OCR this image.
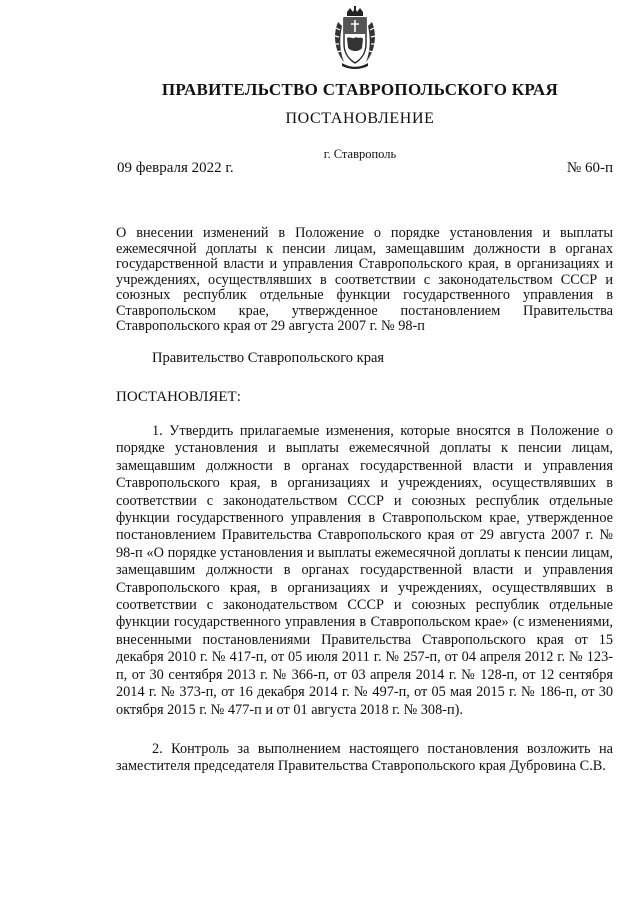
ПРАВИТЕЛЬСТВО СТАВРОПОЛЬСКОГО КРАЯ
ПОСТАНОВЛЕНИЕ
г. Ставрополь
09 февраля 2022 г.	№ 60-п
О внесении изменений в Положение о порядке установления и выплаты ежемесячной доплаты к пенсии лицам, замещавшим должности в органах государственной власти и управления Ставропольского края, в организациях и учреждениях, осуществлявших в соответствии с законодательством СССР и союзных республик отдельные функции государственного управления в Ставропольском крае, утвержденное постановлением Правительства Ставропольского края от 29 августа 2007 г. № 98-п
Правительство Ставропольского края
ПОСТАНОВЛЯЕТ:
1. Утвердить прилагаемые изменения, которые вносятся в Положение о порядке установления и выплаты ежемесячной доплаты к пенсии лицам, замещавшим должности в органах государственной власти и управления Ставропольского края, в организациях и учреждениях, осуществлявших в соответствии с законодательством СССР и союзных республик отдельные функции государственного управления в Ставропольском крае, утвержденное постановлением Правительства Ставропольского края от 29 августа 2007 г. № 98-п «О порядке установления и выплаты ежемесячной доплаты к пенсии лицам, замещавшим должности в органах государственной власти и управления Ставропольского края, в организациях и учреждениях, осуществлявших в соответствии с законодательством СССР и союзных республик отдельные функции государственного управления в Ставропольском крае» (с изменениями, внесенными постановлениями Правительства Ставропольского края от 15 декабря 2010 г. № 417-п, от 05 июля 2011 г. № 257-п, от 04 апреля 2012 г. № 123-п, от 30 сентября 2013 г. № 366-п, от 03 апреля 2014 г. № 128-п, от 12 сентября 2014 г. № 373-п, от 16 декабря 2014 г. № 497-п, от 05 мая 2015 г. № 186-п, от 30 октября 2015 г. № 477-п и от 01 августа 2018 г. № 308-п).
2. Контроль за выполнением настоящего постановления возложить на заместителя председателя Правительства Ставропольского края Дубровина С.В.
